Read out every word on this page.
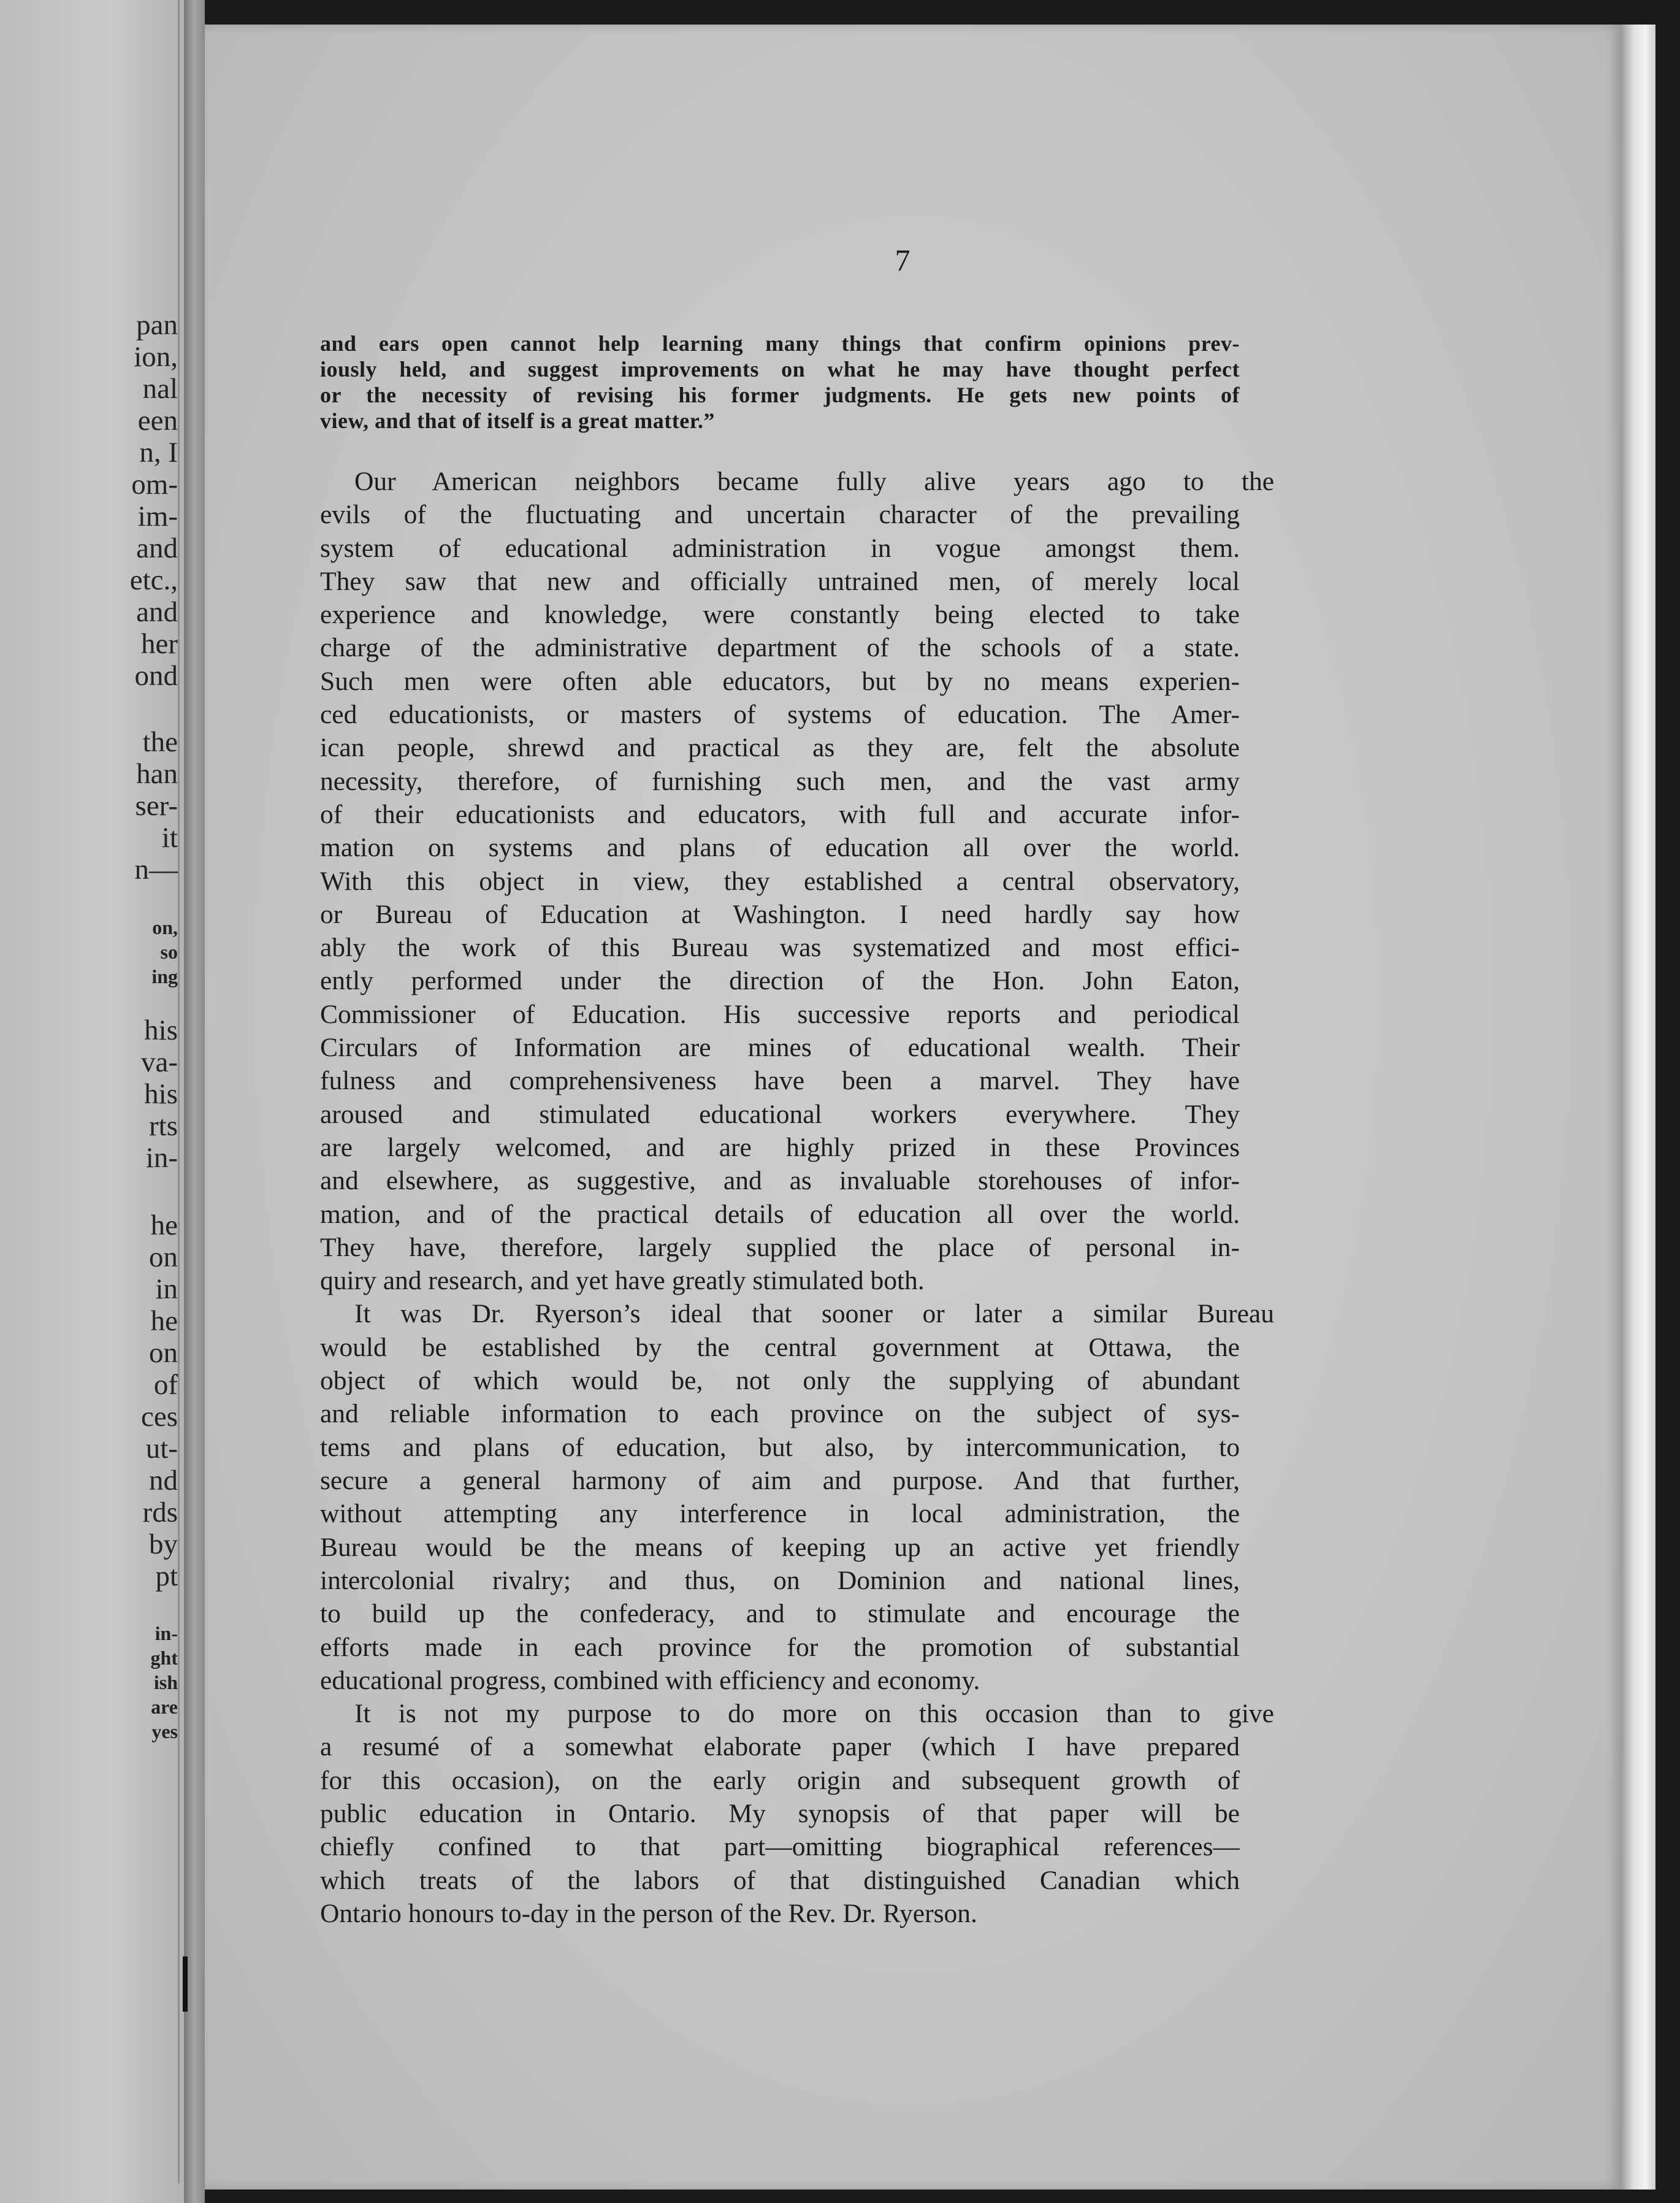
pan
ion,
nal
een
n, I
om-
im-
and
etc.,
and
her
ond
the
han
ser-
it
n—
on,
so
ing
his
va-
his
rts
in-
he
on
in
he
on
of
ces
ut-
nd
rds
by
pt
in-
ght
ish
are
yes
7
and ears open cannot help learning many things that confirm opinions prev-
iously held, and suggest improvements on what he may have thought perfect
or the necessity of revising his former judgments. He gets new points of
view, and that of itself is a great matter.”
Our American neighbors became fully alive years ago to the
evils of the fluctuating and uncertain character of the prevailing
system of educational administration in vogue amongst them.
They saw that new and officially untrained men, of merely local
experience and knowledge, were constantly being elected to take
charge of the administrative department of the schools of a state.
Such men were often able educators, but by no means experien-
ced educationists, or masters of systems of education. The Amer-
ican people, shrewd and practical as they are, felt the absolute
necessity, therefore, of furnishing such men, and the vast army
of their educationists and educators, with full and accurate infor-
mation on systems and plans of education all over the world.
With this object in view, they established a central observatory,
or Bureau of Education at Washington. I need hardly say how
ably the work of this Bureau was systematized and most effici-
ently performed under the direction of the Hon. John Eaton,
Commissioner of Education. His successive reports and periodical
Circulars of Information are mines of educational wealth. Their
fulness and comprehensiveness have been a marvel. They have
aroused and stimulated educational workers everywhere. They
are largely welcomed, and are highly prized in these Provinces
and elsewhere, as suggestive, and as invaluable storehouses of infor-
mation, and of the practical details of education all over the world.
They have, therefore, largely supplied the place of personal in-
quiry and research, and yet have greatly stimulated both.
It was Dr. Ryerson’s ideal that sooner or later a similar Bureau
would be established by the central government at Ottawa, the
object of which would be, not only the supplying of abundant
and reliable information to each province on the subject of sys-
tems and plans of education, but also, by intercommunication, to
secure a general harmony of aim and purpose. And that further,
without attempting any interference in local administration, the
Bureau would be the means of keeping up an active yet friendly
intercolonial rivalry; and thus, on Dominion and national lines,
to build up the confederacy, and to stimulate and encourage the
efforts made in each province for the promotion of substantial
educational progress, combined with efficiency and economy.
It is not my purpose to do more on this occasion than to give
a resumé of a somewhat elaborate paper (which I have prepared
for this occasion), on the early origin and subsequent growth of
public education in Ontario. My synopsis of that paper will be
chiefly confined to that part—omitting biographical references—
which treats of the labors of that distinguished Canadian which
Ontario honours to-day in the person of the Rev. Dr. Ryerson.
